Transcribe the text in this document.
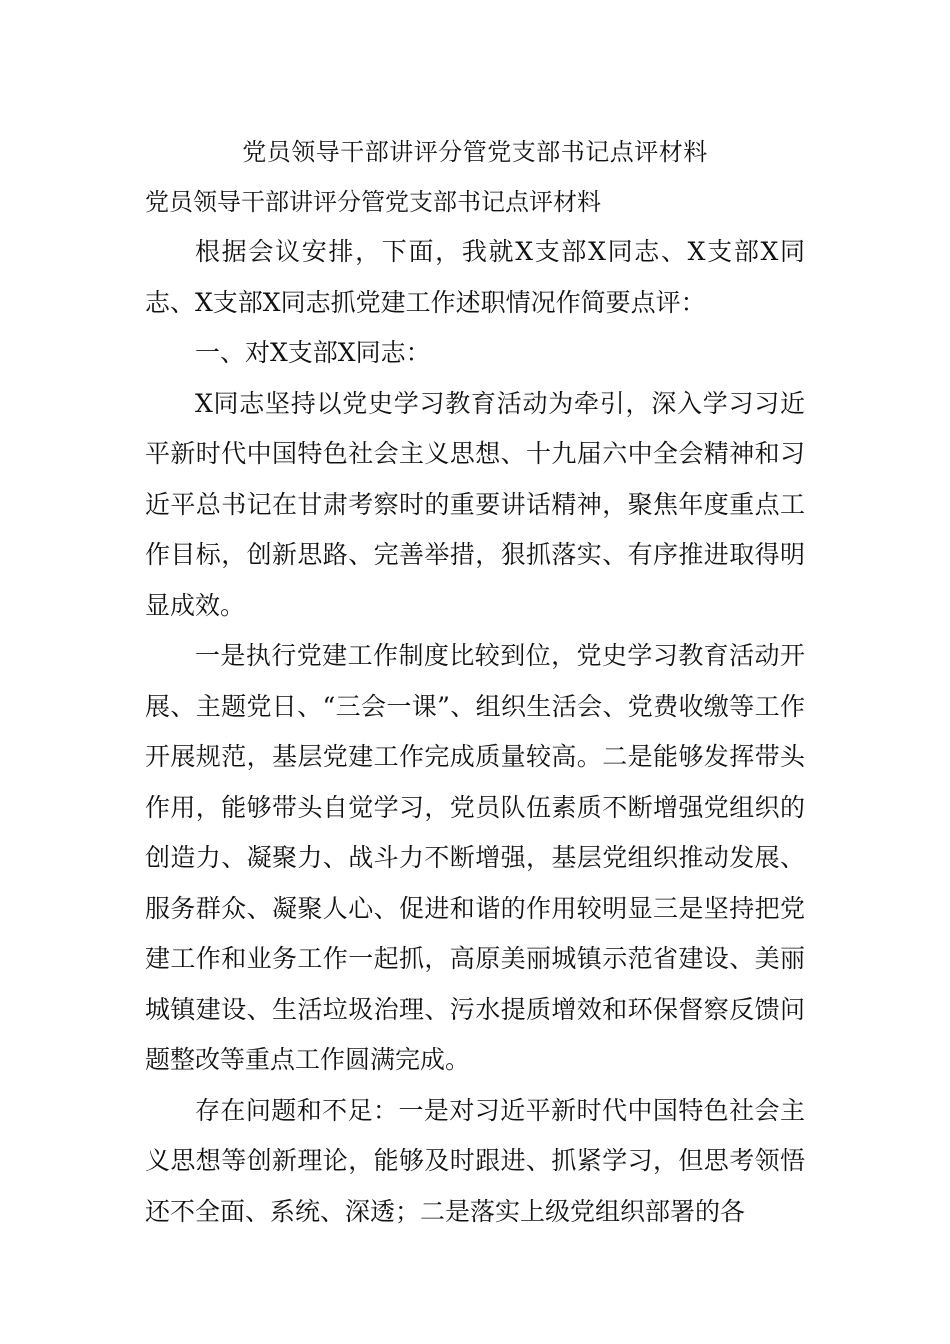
党员领导干部讲评分管党支部书记点评材料
党员领导干部讲评分管党支部书记点评材料

根据会议安排，下面，我就X支部X同志、X支部X同志、X支部X同志抓党建工作述职情况作简要点评：

一、对X支部X同志：

X同志坚持以党史学习教育活动为牵引，深入学习习近平新时代中国特色社会主义思想、十九届六中全会精神和习近平总书记在甘肃考察时的重要讲话精神，聚焦年度重点工作目标，创新思路、完善举措，狠抓落实、有序推进取得明显成效。

一是执行党建工作制度比较到位，党史学习教育活动开展、主题党日、“三会一课”、组织生活会、党费收缴等工作开展规范，基层党建工作完成质量较高。二是能够发挥带头作用，能够带头自觉学习，党员队伍素质不断增强党组织的创造力、凝聚力、战斗力不断增强，基层党组织推动发展、服务群众、凝聚人心、促进和谐的作用较明显三是坚持把党建工作和业务工作一起抓，高原美丽城镇示范省建设、美丽城镇建设、生活垃圾治理、污水提质增效和环保督察反馈问题整改等重点工作圆满完成。

存在问题和不足：一是对习近平新时代中国特色社会主义思想等创新理论，能够及时跟进、抓紧学习，但思考领悟还不全面、系统、深透；二是落实上级党组织部署的各
